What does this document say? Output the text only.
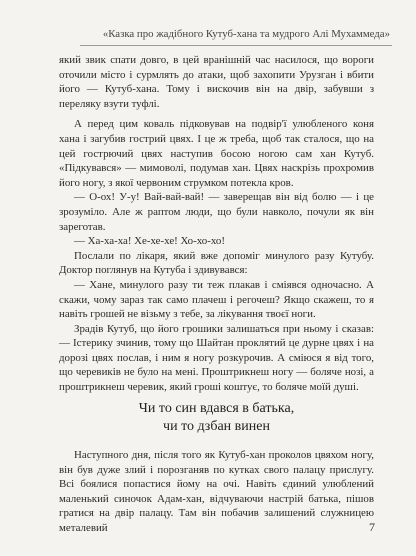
«Казка про жадібного Кутуб-хана та мудрого Алі Мухаммеда»

який звик спати довго, в цей вранішній час насилося, що вороги оточили місто і сурмлять до атаки, щоб захопити Урузган і вбити його — Кутуб-хана. Тому і вискочив він на двір, забувши з переляку взути туфлі.

А перед цим коваль підковував на подвір'ї улюбленого коня хана і загубив гострий цвях. І це ж треба, щоб так сталося, що на цей гострючий цвях наступив босою ногою сам хан Кутуб. «Підкувався» — мимоволі, подумав хан. Цвях наскрізь прохромив його ногу, з якої червоним струмком потекла кров.

— О-ох! У-у! Вай-вай-вай! — заверещав він від болю — і це зрозуміло. Але ж раптом люди, що були навколо, почули як він зареготав.

— Ха-ха-ха! Хе-хе-хе! Хо-хо-хо!

Послали по лікаря, який вже допоміг минулого разу Кутубу. Доктор поглянув на Кутуба і здивувався:

— Хане, минулого разу ти теж плакав і сміявся одночасно. А скажи, чому зараз так само плачеш і регочеш? Якщо скажеш, то я навіть грошей не візьму з тебе, за лікування твоєї ноги.

Зрадів Кутуб, що його грошики залишаться при ньому і сказав: — Істерику зчинив, тому що Шайтан проклятий це дурне цвях і на дорозі цвях послав, і ним я ногу розкурочив. А сміюся я від того, що черевиків не було на мені. Проштрикнеш ногу — боляче нозі, а проштрикнеш черевик, який гроші коштує, то боляче моїй душі.

Чи то син вдався в батька,
чи то дзбан винен

Наступного дня, після того як Кутуб-хан проколов цвяхом ногу, він був дуже злий і порозганяв по кутках свого палацу прислугу. Всі боялися попастися йому на очі. Навіть єдиний улюблений маленький синочок Адам-хан, відчуваючи настрій батька, пішов гратися на двір палацу. Там він побачив залишений служницею металевий	7
